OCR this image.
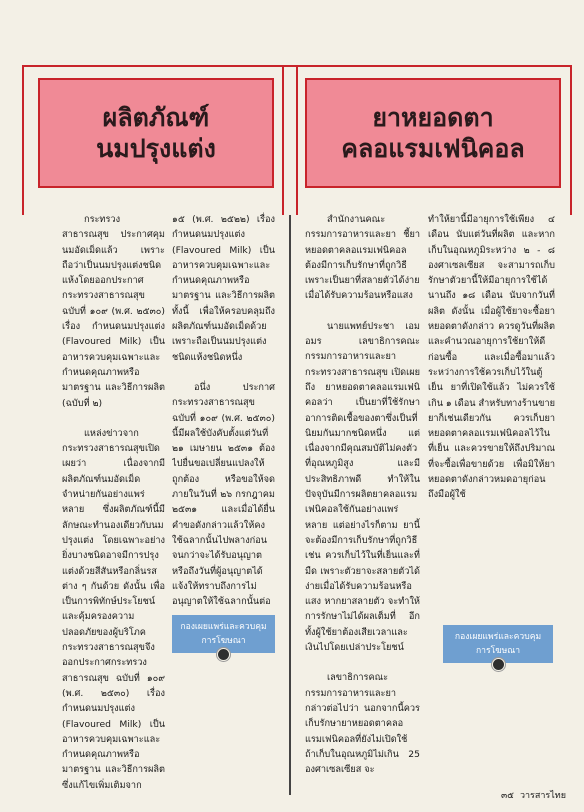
ผลิตภัณฑ์
นมปรุงแต่ง
ยาหยอดตา
คลอแรมเฟนิคอล

กระทรวงสาธารณสุข ประกาศคุมนมอัดเม็ดแล้ว เพราะถือว่าเป็นนมปรุงแต่งชนิดแห้งโดยออกประกาศกระทรวงสาธารณสุข ฉบับที่ ๑๐๙ (พ.ศ. ๒๕๓๐) เรื่อง กำหนดนมปรุงแต่ง (Flavoured Milk) เป็นอาหารควบคุมเฉพาะและกำหนดคุณภาพหรือมาตรฐาน และวิธีการผลิต (ฉบับที่ ๒)

แหล่งข่าวจากกระทรวงสาธารณสุขเปิดเผยว่า เนื่องจากมีผลิตภัณฑ์นมอัดเม็ด จำหน่ายกันอย่างแพร่หลาย ซึ่งผลิตภัณฑ์นี้มีลักษณะทำนองเดียวกับนมปรุงแต่ง โดยเฉพาะอย่างยิ่งบางชนิดอาจมีการปรุงแต่งด้วยสีสันหรือกลิ่นรสต่าง ๆ กันด้วย ดังนั้น เพื่อเป็นการพิทักษ์ประโยชน์และคุ้มครองความปลอดภัยของผู้บริโภค กระทรวงสาธารณสุขจึงออกประกาศกระทรวงสาธารณสุข ฉบับที่ ๑๐๙ (พ.ศ. ๒๕๓๐) เรื่อง กำหนดนมปรุงแต่ง (Flavoured Milk) เป็นอาหารควบคุมเฉพาะและกำหนดคุณภาพหรือมาตรฐาน และวิธีการผลิต ซึ่งแก้ไขเพิ่มเติมจาก

๑๕ (พ.ศ. ๒๕๒๒) เรื่อง กำหนดนมปรุงแต่ง (Flavoured Milk) เป็นอาหารควบคุมเฉพาะและกำหนดคุณภาพหรือมาตรฐาน และวิธีการผลิต ทั้งนี้ เพื่อให้ครอบคลุมถึงผลิตภัณฑ์นมอัดเม็ดด้วยเพราะถือเป็นนมปรุงแต่งชนิดแห้งชนิดหนึ่ง

อนึ่ง ประกาศกระทรวงสาธารณสุข ฉบับที่ ๑๐๙ (พ.ศ. ๒๕๓๐) นี้มีผลใช้บังคับตั้งแต่วันที่ ๒๑ เมษายน ๒๕๓๑ ต้องไปยื่นขอเปลี่ยนแปลงให้ถูกต้อง หรือขอให้จดภายในวันที่ ๒๖ กรกฎาคม ๒๕๓๑ และเมื่อได้ยื่นคำขอดังกล่าวแล้วให้คงใช้ฉลากนั้นไปพลางก่อน จนกว่าจะได้รับอนุญาตหรือถึงวันที่ผู้อนุญาตได้แจ้งให้ทราบถึงการไม่อนุญาตให้ใช้ฉลากนั้นต่อ

กองเผยแพร่และควบคุม
การโฆษณา

สำนักงานคณะกรรมการอาหารและยา ชี้ยาหยอดตาคลอแรมเฟนิคอล ต้องมีการเก็บรักษาที่ถูกวิธี เพราะเป็นยาที่สลายตัวได้ง่ายเมื่อได้รับความร้อนหรือแสง

นายแพทย์ประชา เอมอมร เลขาธิการคณะกรรมการอาหารและยา กระทรวงสาธารณสุข เปิดเผยถึง ยาหยอดตาคลอแรมเฟนิคอลว่า เป็นยาที่ใช้รักษาอาการติดเชื้อของตาซึ่งเป็นที่นิยมกันมากชนิดหนึ่ง แต่ เนื่องจากมีคุณสมบัติไม่คงตัวที่อุณหภูมิสูง และมีประสิทธิภาพดี ทำให้ในปัจจุบันมีการผลิตยาคลอแรมเฟนิคอลใช้กันอย่างแพร่หลาย แต่อย่างไรก็ตาม ยานี้จะต้องมีการเก็บรักษาที่ถูกวิธี เช่น ควรเก็บไว้ในที่เย็นและที่มืด เพราะตัวยาจะสลายตัวได้ง่ายเมื่อได้รับความร้อนหรือแสง หากยาสลายตัว จะทำให้การรักษาไม่ได้ผลเต็มที่ อีกทั้งผู้ใช้ยาต้องเสียเวลาและเงินไปโดยเปล่าประโยชน์

เลขาธิการคณะกรรมการอาหารและยา กล่าวต่อไปว่า นอกจากนี้ควรเก็บรักษายาหยอดตาคลอแรมเฟนิคอลที่ยังไม่เปิดใช้ ถ้าเก็บในอุณหภูมิไม่เกิน 25 องศาเซลเซียส จะ

ทำให้ยานี้มีอายุการใช้เพียง ๔ เดือน นับแต่วันที่ผลิต และหากเก็บในอุณหภูมิระหว่าง ๒ - ๘ องศาเซลเซียส จะสามารถเก็บรักษาตัวยานี้ให้มีอายุการใช้ได้นานถึง ๑๘ เดือน นับจากวันที่ผลิต ดังนั้น เมื่อผู้ใช้ยาจะซื้อยาหยอดตาดังกล่าว ควรดูวันที่ผลิตและคำนวณอายุการใช้ยาให้ดีก่อนซื้อ และเมื่อซื้อมาแล้ว ระหว่างการใช้ควรเก็บไว้ในตู้เย็น ยาที่เปิดใช้แล้ว ไม่ควรใช้เกิน ๑ เดือน สำหรับทางร้านขายยาก็เช่นเดียวกัน ควรเก็บยาหยอดตาคลอแรมเฟนิคอลไว้ในที่เย็น และควรขายให้ถึงปริมาณที่จะซื้อเพื่อขายด้วย เพื่อมิให้ยาหยอดตาดังกล่าวหมดอายุก่อนถึงมือผู้ใช้

กองเผยแพร่และควบคุม
การโฆษณา
๓๕ วารสารไทย
